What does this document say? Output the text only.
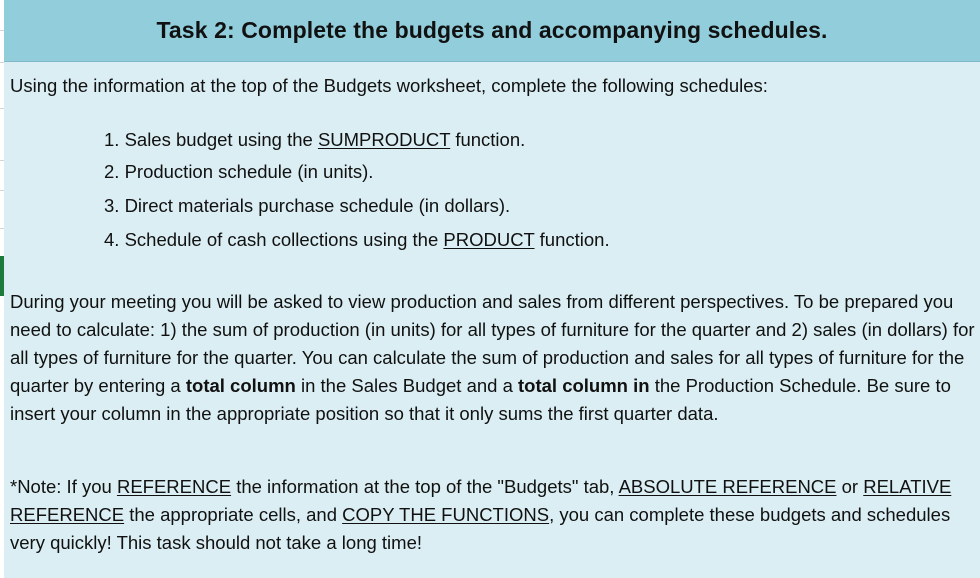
Task 2: Complete the budgets and accompanying schedules.
Using the information at the top of the Budgets worksheet, complete the following schedules:
1. Sales budget using the SUMPRODUCT function.
2. Production schedule (in units).
3. Direct materials purchase schedule (in dollars).
4. Schedule of cash collections using the PRODUCT function.
During your meeting you will be asked to view production and sales from different perspectives. To be prepared you need to calculate: 1) the sum of production (in units) for all types of furniture for the quarter and 2) sales (in dollars) for all types of furniture for the quarter. You can calculate the sum of production and sales for all types of furniture for the quarter by entering a total column in the Sales Budget and a total column in the Production Schedule. Be sure to insert your column in the appropriate position so that it only sums the first quarter data.
*Note: If you REFERENCE the information at the top of the "Budgets" tab, ABSOLUTE REFERENCE or RELATIVE REFERENCE the appropriate cells, and COPY THE FUNCTIONS, you can complete these budgets and schedules very quickly! This task should not take a long time!
